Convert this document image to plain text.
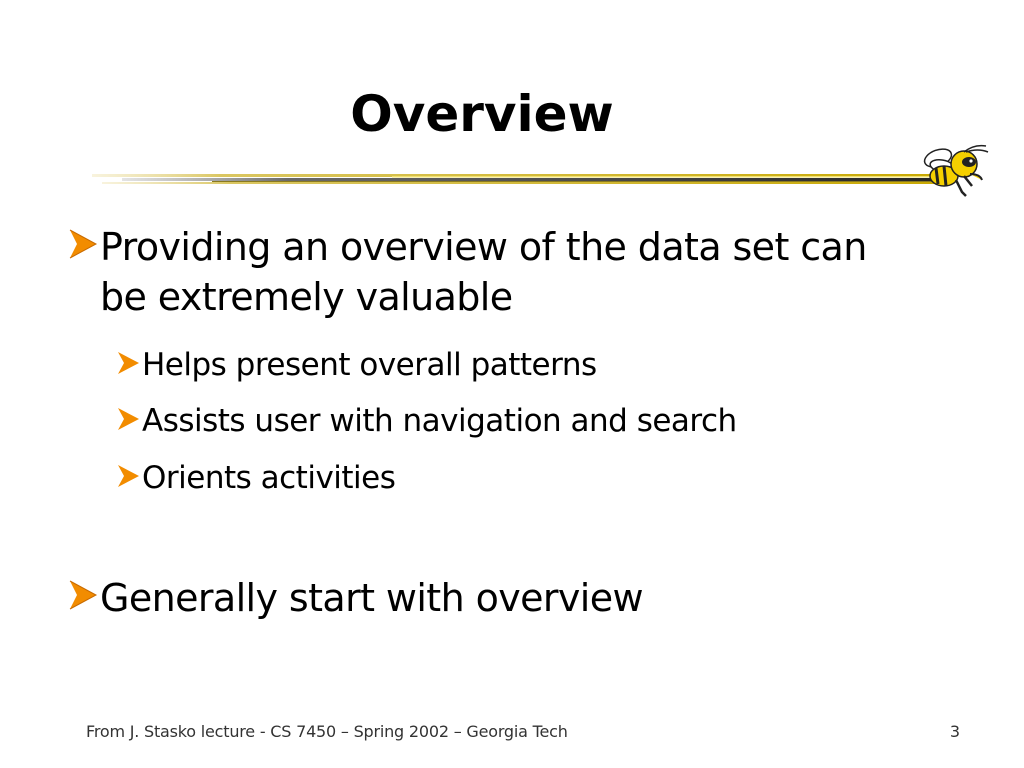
Overview
Providing an overview of the data set can
be extremely valuable
Helps present overall patterns
Assists user with navigation and search
Orients activities
Generally start with overview
From J. Stasko lecture - CS 7450 – Spring 2002 – Georgia Tech	3
